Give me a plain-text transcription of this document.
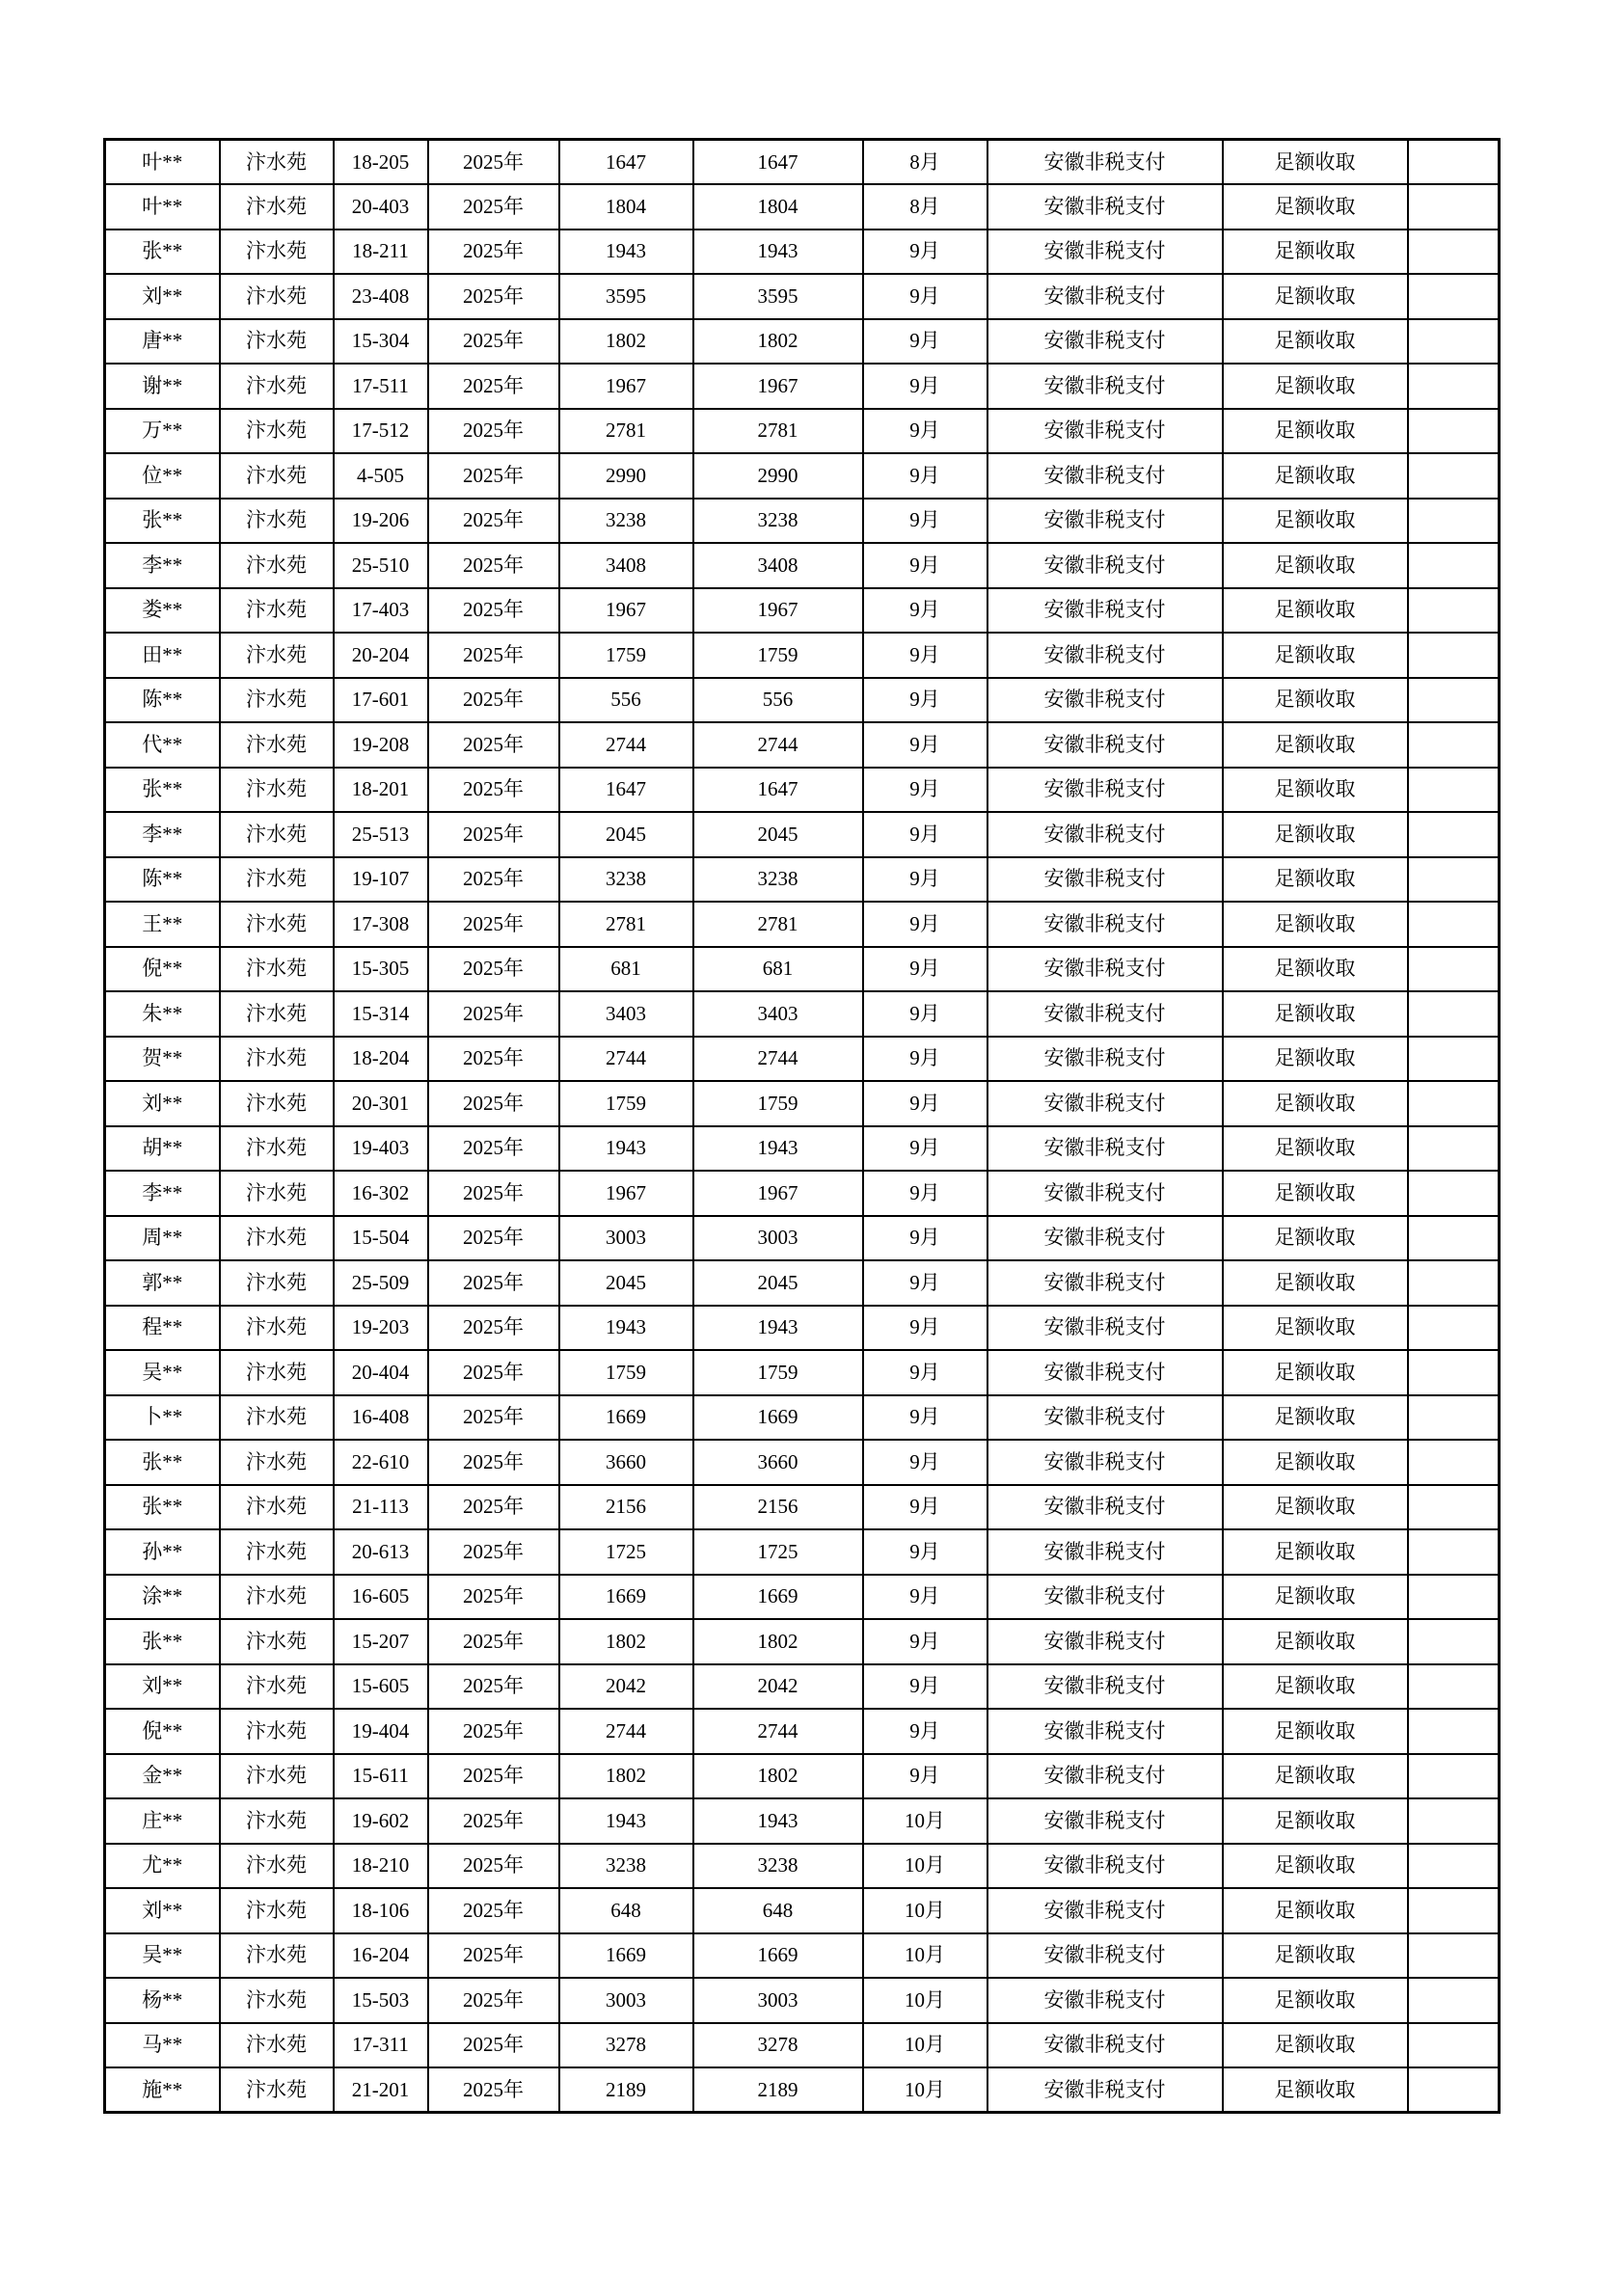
叶**	汴水苑	18-205	2025年	1647	1647	8月	安徽非税支付	足额收取	
叶**	汴水苑	20-403	2025年	1804	1804	8月	安徽非税支付	足额收取	
张**	汴水苑	18-211	2025年	1943	1943	9月	安徽非税支付	足额收取	
刘**	汴水苑	23-408	2025年	3595	3595	9月	安徽非税支付	足额收取	
唐**	汴水苑	15-304	2025年	1802	1802	9月	安徽非税支付	足额收取	
谢**	汴水苑	17-511	2025年	1967	1967	9月	安徽非税支付	足额收取	
万**	汴水苑	17-512	2025年	2781	2781	9月	安徽非税支付	足额收取	
位**	汴水苑	4-505	2025年	2990	2990	9月	安徽非税支付	足额收取	
张**	汴水苑	19-206	2025年	3238	3238	9月	安徽非税支付	足额收取	
李**	汴水苑	25-510	2025年	3408	3408	9月	安徽非税支付	足额收取	
娄**	汴水苑	17-403	2025年	1967	1967	9月	安徽非税支付	足额收取	
田**	汴水苑	20-204	2025年	1759	1759	9月	安徽非税支付	足额收取	
陈**	汴水苑	17-601	2025年	556	556	9月	安徽非税支付	足额收取	
代**	汴水苑	19-208	2025年	2744	2744	9月	安徽非税支付	足额收取	
张**	汴水苑	18-201	2025年	1647	1647	9月	安徽非税支付	足额收取	
李**	汴水苑	25-513	2025年	2045	2045	9月	安徽非税支付	足额收取	
陈**	汴水苑	19-107	2025年	3238	3238	9月	安徽非税支付	足额收取	
王**	汴水苑	17-308	2025年	2781	2781	9月	安徽非税支付	足额收取	
倪**	汴水苑	15-305	2025年	681	681	9月	安徽非税支付	足额收取	
朱**	汴水苑	15-314	2025年	3403	3403	9月	安徽非税支付	足额收取	
贺**	汴水苑	18-204	2025年	2744	2744	9月	安徽非税支付	足额收取	
刘**	汴水苑	20-301	2025年	1759	1759	9月	安徽非税支付	足额收取	
胡**	汴水苑	19-403	2025年	1943	1943	9月	安徽非税支付	足额收取	
李**	汴水苑	16-302	2025年	1967	1967	9月	安徽非税支付	足额收取	
周**	汴水苑	15-504	2025年	3003	3003	9月	安徽非税支付	足额收取	
郭**	汴水苑	25-509	2025年	2045	2045	9月	安徽非税支付	足额收取	
程**	汴水苑	19-203	2025年	1943	1943	9月	安徽非税支付	足额收取	
吴**	汴水苑	20-404	2025年	1759	1759	9月	安徽非税支付	足额收取	
卜**	汴水苑	16-408	2025年	1669	1669	9月	安徽非税支付	足额收取	
张**	汴水苑	22-610	2025年	3660	3660	9月	安徽非税支付	足额收取	
张**	汴水苑	21-113	2025年	2156	2156	9月	安徽非税支付	足额收取	
孙**	汴水苑	20-613	2025年	1725	1725	9月	安徽非税支付	足额收取	
涂**	汴水苑	16-605	2025年	1669	1669	9月	安徽非税支付	足额收取	
张**	汴水苑	15-207	2025年	1802	1802	9月	安徽非税支付	足额收取	
刘**	汴水苑	15-605	2025年	2042	2042	9月	安徽非税支付	足额收取	
倪**	汴水苑	19-404	2025年	2744	2744	9月	安徽非税支付	足额收取	
金**	汴水苑	15-611	2025年	1802	1802	9月	安徽非税支付	足额收取	
庄**	汴水苑	19-602	2025年	1943	1943	10月	安徽非税支付	足额收取	
尤**	汴水苑	18-210	2025年	3238	3238	10月	安徽非税支付	足额收取	
刘**	汴水苑	18-106	2025年	648	648	10月	安徽非税支付	足额收取	
吴**	汴水苑	16-204	2025年	1669	1669	10月	安徽非税支付	足额收取	
杨**	汴水苑	15-503	2025年	3003	3003	10月	安徽非税支付	足额收取	
马**	汴水苑	17-311	2025年	3278	3278	10月	安徽非税支付	足额收取	
施**	汴水苑	21-201	2025年	2189	2189	10月	安徽非税支付	足额收取	
